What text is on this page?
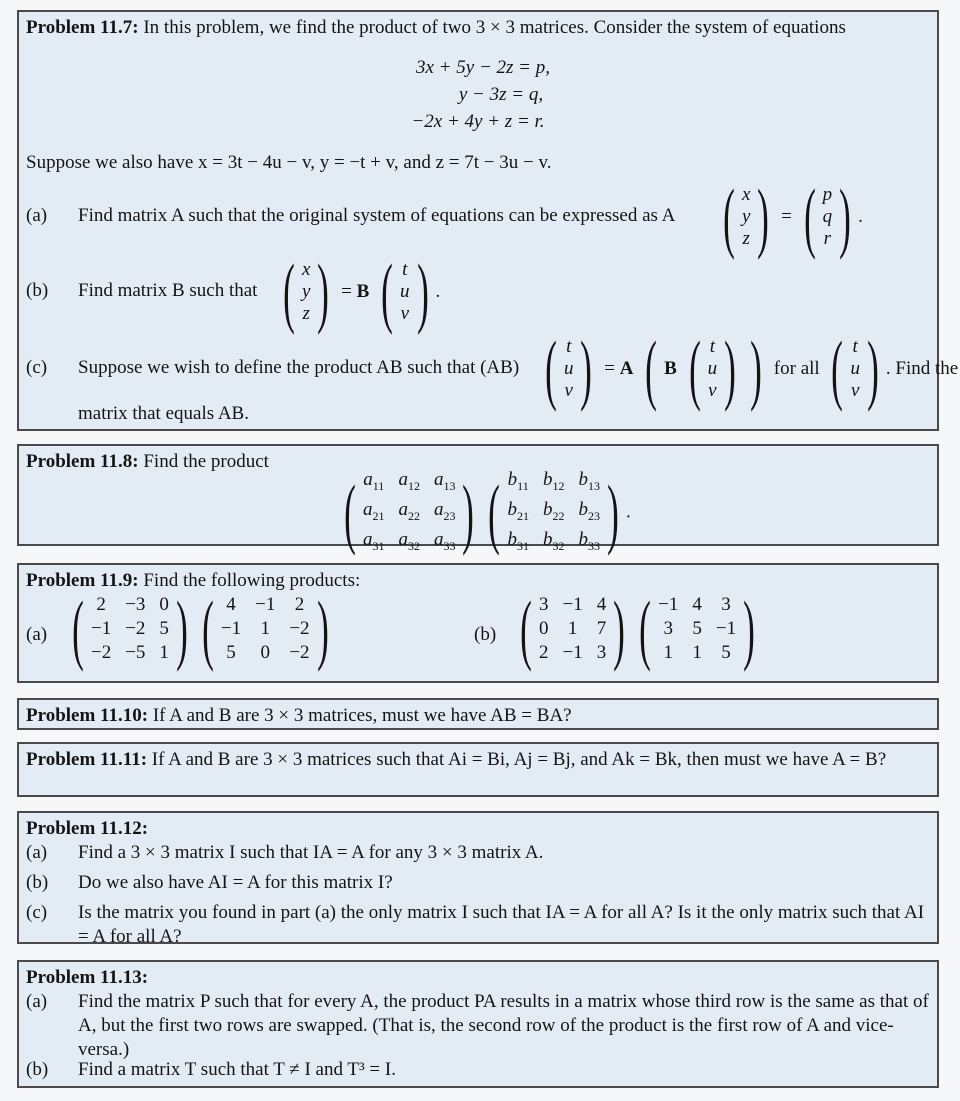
Problem 11.7: In this problem, we find the product of two 3 × 3 matrices. Consider the system of equations
3x + 5y − 2z = p,
y − 3z = q,
−2x + 4y + z = r.
Suppose we also have x = 3t − 4u − v, y = −t + v, and z = 7t − 3u − v.
(a) Find matrix A such that the original system of equations can be expressed as A ( x
y
z ) = ( p
q
r ) .
(b) Find matrix B such that ( x
y
z ) = B ( t
u
v ) .
(c) Suppose we wish to define the product AB such that (AB) ( t
u
v ) = A ( B ( t
u
v ) ) for all ( t
u
v ) . Find the
matrix that equals AB.
Problem 11.8: Find the product
( $a_{11}$ $a_{12}$ $a_{13}$
$a_{21}$ $a_{22}$ $a_{23}$
$a_{31}$ $a_{32}$ $a_{33}$ ) ( $b_{11}$ $b_{12}$ $b_{13}$
$b_{21}$ $b_{22}$ $b_{23}$
$b_{31}$ $b_{32}$ $b_{33}$ ) .
Problem 11.9: Find the following products:
(a) ( 2 −3 0
−1 −2 5
−2 −5 1 ) ( 4 −1 2
−1 1 −2
5 0 −2 )	(b) ( 3 −1 4
0 1 7
2 −1 3 ) ( −1 4 3
3 5 −1
1 1 5 )
Problem 11.10: If A and B are 3 × 3 matrices, must we have AB = BA?
Problem 11.11: If A and B are 3 × 3 matrices such that Ai = Bi, Aj = Bj, and Ak = Bk, then must we have A = B?
Problem 11.12:
(a) Find a 3 × 3 matrix I such that IA = A for any 3 × 3 matrix A.
(b) Do we also have AI = A for this matrix I?
(c) Is the matrix you found in part (a) the only matrix I such that IA = A for all A? Is it the only matrix such that AI = A for all A?
Problem 11.13:
(a) Find the matrix P such that for every A, the product PA results in a matrix whose third row is the same as that of A, but the first two rows are swapped. (That is, the second row of the product is the first row of A and vice-versa.)
(b) Find a matrix T such that T ≠ I and T³ = I.
